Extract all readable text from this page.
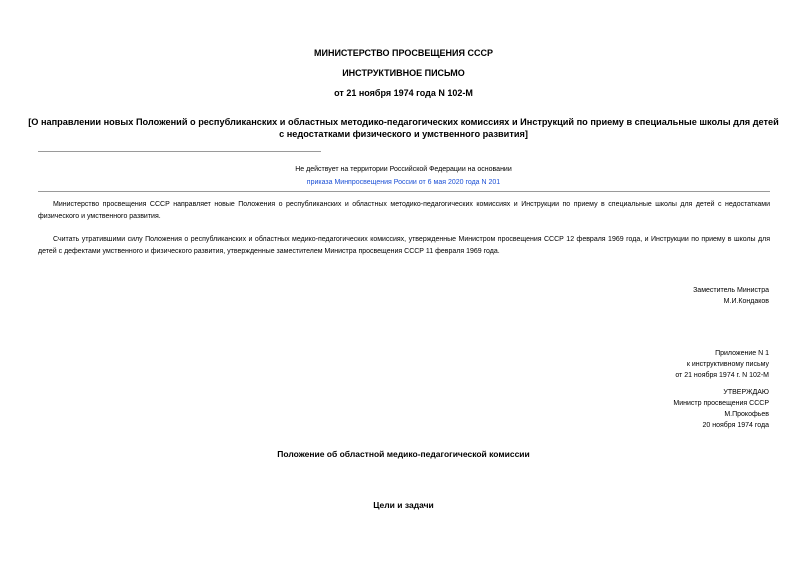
МИНИСТЕРСТВО ПРОСВЕЩЕНИЯ СССР
ИНСТРУКТИВНОЕ ПИСЬМО
от 21 ноября 1974 года N 102-М
[О направлении новых Положений о республиканских и областных методико-педагогических комиссиях и Инструкций по приему в специальные школы для детей
с недостатками физического и умственного развития]
Не действует на территории Российской Федерации на основании
приказа Минпросвещения России от 6 мая 2020 года N 201
Министерство просвещения СССР направляет новые Положения о республиканских и областных методико-педагогических комиссиях и Инструкции по приему в специальные школы для детей с недостатками физического и умственного развития.
Считать утратившими силу Положения о республиканских и областных медико-педагогических комиссиях, утвержденные Министром просвещения СССР 12 февраля 1969 года, и Инструкции по приему в школы для детей с дефектами умственного и физического развития, утвержденные заместителем Министра просвещения СССР 11 февраля 1969 года.
Заместитель Министра
М.И.Кондаков
Приложение N 1
к инструктивному письму
от 21 ноября 1974 г. N 102-М
УТВЕРЖДАЮ
Министр просвещения СССР
М.Прокофьев
20 ноября 1974 года
Положение об областной медико-педагогической комиссии
Цели и задачи
